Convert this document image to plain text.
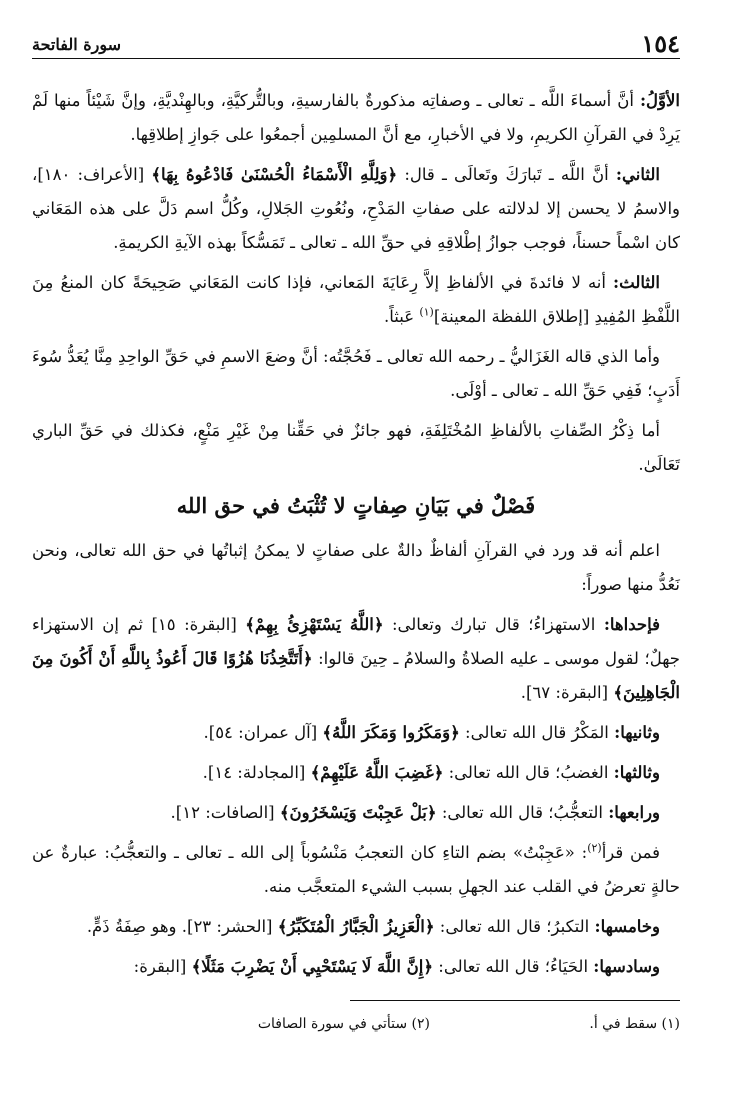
١٥٤
سورة الفاتحة

الأوَّلُ: أنَّ أسماءَ اللَّه ـ تعالى ـ وصفاتِه مذكورةٌ بالفارسيةِ، وبالتُّركيَّةِ، وبالهِنْديَّةِ، وإنَّ شَيْئاً منها لَمْ يَرِدْ في القرآنِ الكريمِ، ولا في الأخبارِ، مع أنَّ المسلمِين أجمعُوا على جَوازِ إطلاقِها.

الثاني: أنَّ اللَّه ـ تَبارَكَ وتَعالَى ـ قال: ﴿وَلِلَّهِ الْأَسْمَاءُ الْحُسْنَىٰ فَادْعُوهُ بِهَا﴾ [الأعراف: ١٨٠]، والاسمُ لا يحسن إلا لدلالته على صفاتِ المَدْحِ، ونُعُوتِ الجَلالِ، وكُلُّ اسم دَلَّ على هذه المَعَاني كان اسْماً حسناً، فوجب جوازُ إطْلاقِهِ في حقِّ الله ـ تعالى ـ تَمَسُّكاً بهذه الآيةِ الكريمةِ.

الثالث: أنه لا فائدةَ في الألفاظِ إلاَّ رِعَايَةَ المَعاني، فإذا كانت المَعَاني صَحِيحَةً كان المنعُ مِنَ اللَّفْظِ المُفِيدِ [إطلاق اللفظة المعينة]$^{(١)}$ عَبثاً.

وأما الذي قاله الغَزَاليُّ ـ رحمه الله تعالى ـ فَحُجَّتُه: أنَّ وضعَ الاسمِ في حَقِّ الواحِدِ مِنَّا يُعَدُّ سُوءَ أَدَبٍ؛ فَفِي حَقِّ الله ـ تعالى ـ أوْلَى.

أما ذِكْرُ الصِّفاتِ بالألفاظِ المُخْتَلِفَةِ، فهو جائزٌ في حَقِّنا مِنْ غَيْرِ مَنْعٍ، فكذلك في حَقِّ الباري تَعَالَىٰ.

فَصْلٌ في بَيَانِ صِفاتٍ لا تُثْبَتُ في حق الله

اعلم أنه قد ورد في القرآنِ ألفاظٌ دالةٌ على صفاتٍ لا يمكنُ إثباتُها في حق الله تعالى، ونحن نَعُدُّ منها صوراً:

فإحداها: الاستهزاءُ؛ قال تبارك وتعالى: ﴿اللَّهُ يَسْتَهْزِئُ بِهِمْ﴾ [البقرة: ١٥] ثم إن الاستهزاء جهلٌ؛ لقول موسى ـ عليه الصلاةُ والسلامُ ـ حِينَ قالوا: ﴿أَتَتَّخِذُنَا هُزُوًا قَالَ أَعُوذُ بِاللَّهِ أَنْ أَكُونَ مِنَ الْجَاهِلِينَ﴾ [البقرة: ٦٧].

وثانيها: المَكْرُ قال الله تعالى: ﴿وَمَكَرُوا وَمَكَرَ اللَّهُ﴾ [آل عمران: ٥٤].

وثالثها: الغضبُ؛ قال الله تعالى: ﴿غَضِبَ اللَّهُ عَلَيْهِمْ﴾ [المجادلة: ١٤].

ورابعها: التعجُّبُ؛ قال الله تعالى: ﴿بَلْ عَجِبْتَ وَيَسْخَرُونَ﴾ [الصافات: ١٢].

فمن قرأ$^{(٢)}$: «عَجِبْتُ» بضم التاءِ كان التعجبُ مَنْسُوباً إلى الله ـ تعالى ـ والتعجُّبُ: عبارةٌ عن حالةٍ تعرضُ في القلب عند الجهلِ بسبب الشيء المتعجَّب منه.

وخامسها: التكبرُ؛ قال الله تعالى: ﴿الْعَزِيزُ الْجَبَّارُ الْمُتَكَبِّرُ﴾ [الحشر: ٢٣]. وهو صِفَةُ ذَمٍّ.

وسادسها: الحَيَاءُ؛ قال الله تعالى: ﴿إِنَّ اللَّهَ لَا يَسْتَحْيِي أَنْ يَضْرِبَ مَثَلًا﴾ [البقرة:

(١) سقط في أ.
(٢) ستأتي في سورة الصافات
